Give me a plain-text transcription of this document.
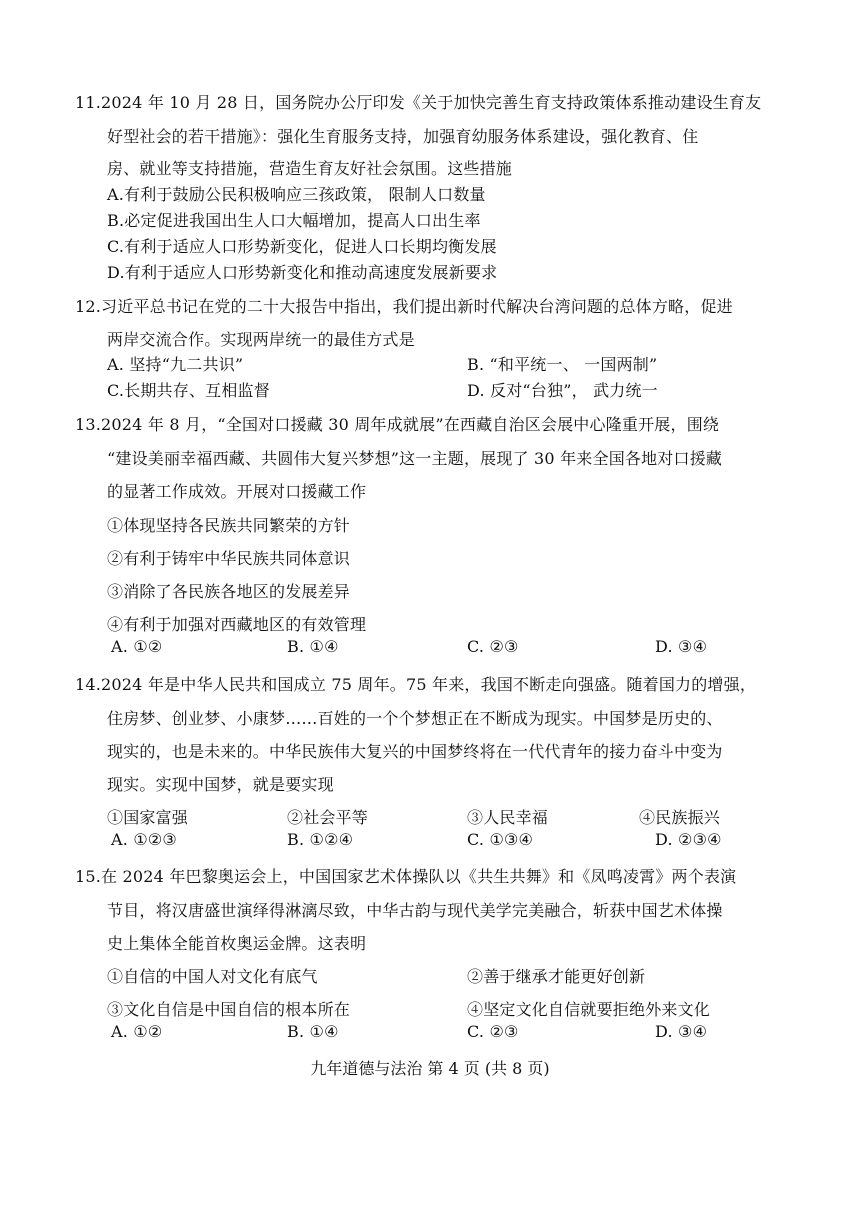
11.2024 年 10 月 28 日，国务院办公厅印发《关于加快完善生育支持政策体系推动建设生育友
好型社会的若干措施》：强化生育服务支持，加强育幼服务体系建设，强化教育、住
房、就业等支持措施，营造生育友好社会氛围。这些措施
A.有利于鼓励公民积极响应三孩政策， 限制人口数量
B.必定促进我国出生人口大幅增加，提高人口出生率
C.有利于适应人口形势新变化，促进人口长期均衡发展
D.有利于适应人口形势新变化和推动高速度发展新要求
12.习近平总书记在党的二十大报告中指出，我们提出新时代解决台湾问题的总体方略，促进
两岸交流合作。实现两岸统一的最佳方式是
A. 坚持“九二共识”	B. “和平统一、 一国两制”
C.长期共存、互相监督	D. 反对“台独”， 武力统一
13.2024 年 8 月，“全国对口援藏 30 周年成就展”在西藏自治区会展中心隆重开展，围绕
“建设美丽幸福西藏、共圆伟大复兴梦想”这一主题，展现了 30 年来全国各地对口援藏
的显著工作成效。开展对口援藏工作
①体现坚持各民族共同繁荣的方针
②有利于铸牢中华民族共同体意识
③消除了各民族各地区的发展差异
④有利于加强对西藏地区的有效管理
A. ①②	B. ①④	C. ②③	D. ③④
14.2024 年是中华人民共和国成立 75 周年。75 年来，我国不断走向强盛。随着国力的增强，
住房梦、创业梦、小康梦……百姓的一个个梦想正在不断成为现实。中国梦是历史的、
现实的，也是未来的。中华民族伟大复兴的中国梦终将在一代代青年的接力奋斗中变为
现实。实现中国梦，就是要实现
①国家富强	②社会平等	③人民幸福	④民族振兴
A. ①②③	B. ①②④	C. ①③④	D. ②③④
15.在 2024 年巴黎奥运会上，中国国家艺术体操队以《共生共舞》和《凤鸣凌霄》两个表演
节目，将汉唐盛世演绎得淋漓尽致，中华古韵与现代美学完美融合，斩获中国艺术体操
史上集体全能首枚奥运金牌。这表明
①自信的中国人对文化有底气	②善于继承才能更好创新
③文化自信是中国自信的根本所在	④坚定文化自信就要拒绝外来文化
A. ①②	B. ①④	C. ②③	D. ③④
九年道德与法治 第 4 页 (共 8 页)
